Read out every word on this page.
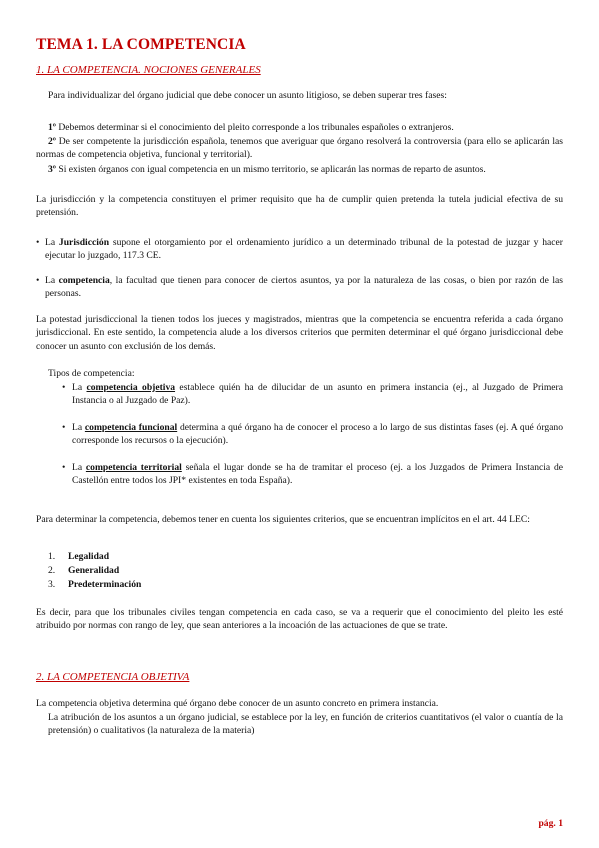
TEMA 1. LA COMPETENCIA
1. LA COMPETENCIA. NOCIONES GENERALES

Para individualizar del órgano judicial que debe conocer un asunto litigioso, se deben superar tres fases:

1º Debemos determinar si el conocimiento del pleito corresponde a los tribunales españoles o extranjeros.

2º De ser competente la jurisdicción española, tenemos que averiguar que órgano resolverá la controversia (para ello se aplicarán las normas de competencia objetiva, funcional y territorial).

3º Si existen órganos con igual competencia en un mismo territorio, se aplicarán las normas de reparto de asuntos.

La jurisdicción y la competencia constituyen el primer requisito que ha de cumplir quien pretenda la tutela judicial efectiva de su pretensión.

• La Jurisdicción supone el otorgamiento por el ordenamiento jurídico a un determinado tribunal de la potestad de juzgar y hacer ejecutar lo juzgado, 117.3 CE.

• La competencia, la facultad que tienen para conocer de ciertos asuntos, ya por la naturaleza de las cosas, o bien por razón de las personas.

La potestad jurisdiccional la tienen todos los jueces y magistrados, mientras que la competencia se encuentra referida a cada órgano jurisdiccional. En este sentido, la competencia alude a los diversos criterios que permiten determinar el qué órgano jurisdiccional debe conocer un asunto con exclusión de los demás.

Tipos de competencia:

• La competencia objetiva establece quién ha de dilucidar de un asunto en primera instancia (ej., al Juzgado de Primera Instancia o al Juzgado de Paz).

• La competencia funcional determina a qué órgano ha de conocer el proceso a lo largo de sus distintas fases (ej. A qué órgano corresponde los recursos o la ejecución).

• La competencia territorial señala el lugar donde se ha de tramitar el proceso (ej. a los Juzgados de Primera Instancia de Castellón entre todos los JPI* existentes en toda España).

Para determinar la competencia, debemos tener en cuenta los siguientes criterios, que se encuentran implícitos en el art. 44 LEC:

1. Legalidad
2. Generalidad
3. Predeterminación

Es decir, para que los tribunales civiles tengan competencia en cada caso, se va a requerir que el conocimiento del pleito les esté atribuido por normas con rango de ley, que sean anteriores a la incoación de las actuaciones de que se trate.

2. LA COMPETENCIA OBJETIVA

La competencia objetiva determina qué órgano debe conocer de un asunto concreto en primera instancia.

La atribución de los asuntos a un órgano judicial, se establece por la ley, en función de criterios cuantitativos (el valor o cuantía de la pretensión) o cualitativos (la naturaleza de la materia)

pág. 1
